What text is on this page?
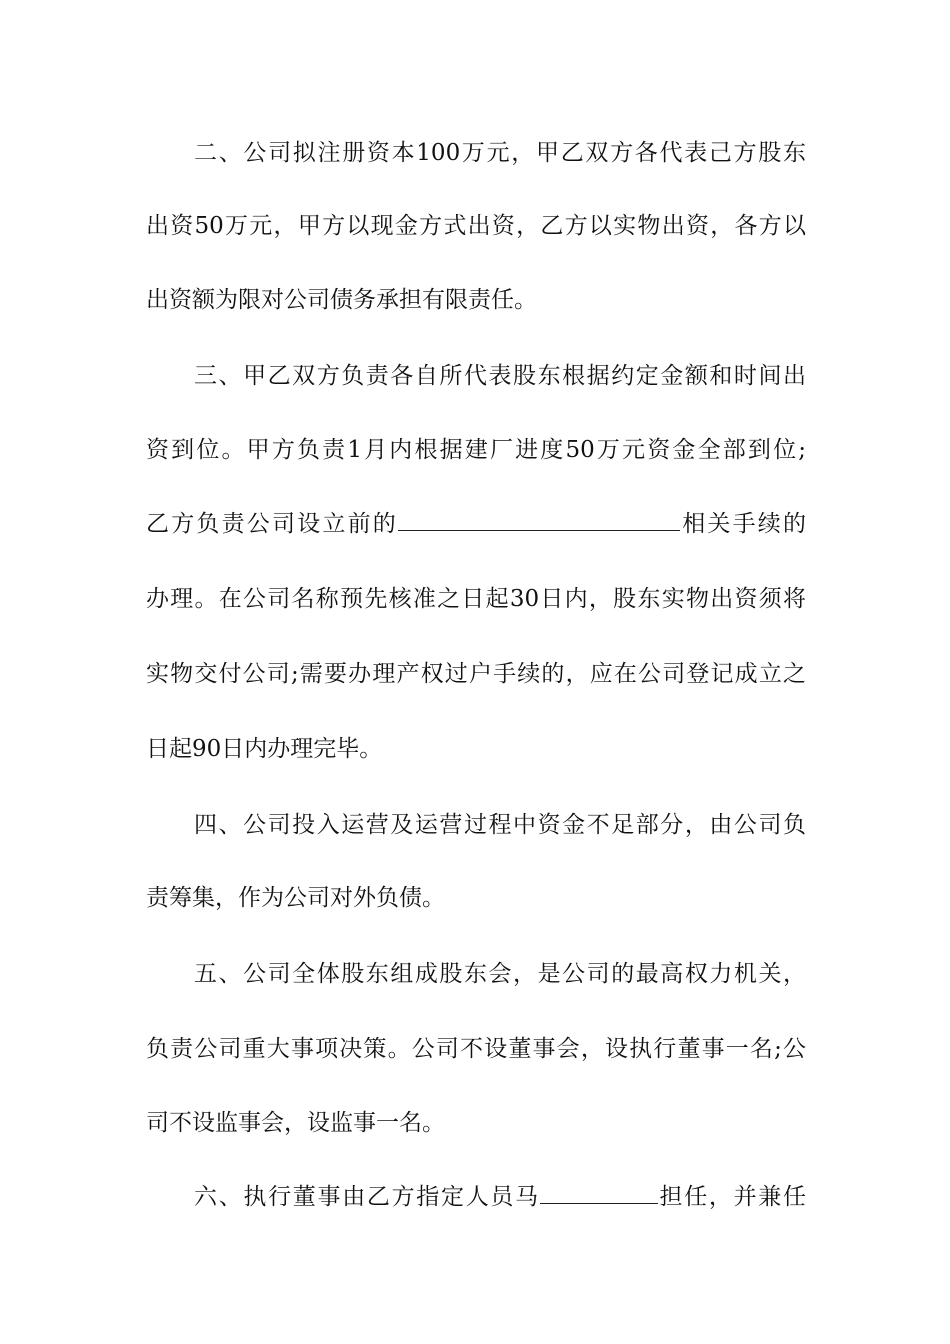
二、公司拟注册资本100万元，甲乙双方各代表己方股东
出资50万元，甲方以现金方式出资，乙方以实物出资，各方以
出资额为限对公司债务承担有限责任。
三、甲乙双方负责各自所代表股东根据约定金额和时间出
资到位。甲方负责1月内根据建厂进度50万元资金全部到位;
乙方负责公司设立前的	相关手续的
办理。在公司名称预先核准之日起30日内，股东实物出资须将
实物交付公司;需要办理产权过户手续的，应在公司登记成立之
日起90日内办理完毕。
四、公司投入运营及运营过程中资金不足部分，由公司负
责筹集，作为公司对外负债。
五、公司全体股东组成股东会，是公司的最高权力机关，
负责公司重大事项决策。公司不设董事会，设执行董事一名;公
司不设监事会，设监事一名。
六、执行董事由乙方指定人员马	担任，并兼任
